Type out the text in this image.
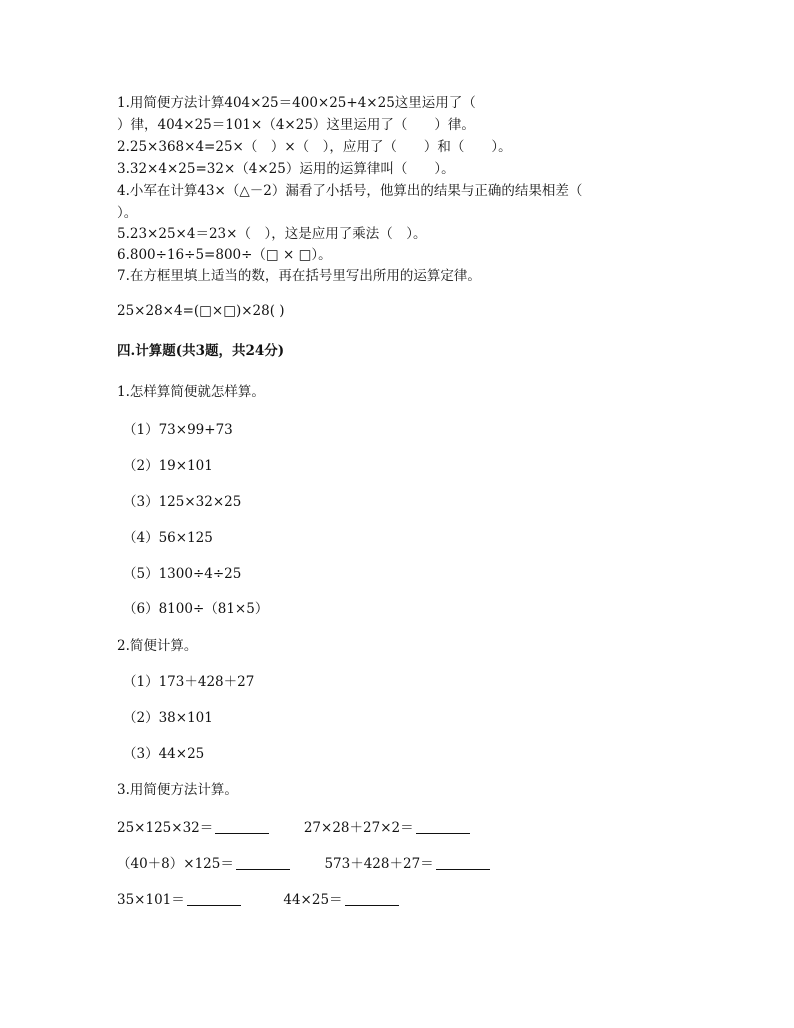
1.用简便方法计算404×25＝400×25+4×25这里运用了（
）律，404×25＝101×（4×25）这里运用了（　　）律。
2.25×368×4=25×（　）×（　），应用了（　　）和（　　）。
3.32×4×25=32×（4×25）运用的运算律叫（　　）。
4.小军在计算43×（△－2）漏看了小括号，他算出的结果与正确的结果相差（
）。
5.23×25×4＝23×（　），这是应用了乘法（　）。
6.800÷16÷5=800÷（□ × □）。
7.在方框里填上适当的数，再在括号里写出所用的运算定律。
25×28×4=(□×□)×28( )
四.计算题(共3题，共24分)
1.怎样算简便就怎样算。
（1）73×99+73
（2）19×101
（3）125×32×25
（4）56×125
（5）1300÷4÷25
（6）8100÷（81×5）
2.简便计算。
（1）173＋428＋27
（2）38×101
（3）44×25
3.用简便方法计算。
25×125×32＝	27×28＋27×2＝
（40＋8）×125＝	573＋428＋27＝
35×101＝	44×25＝
